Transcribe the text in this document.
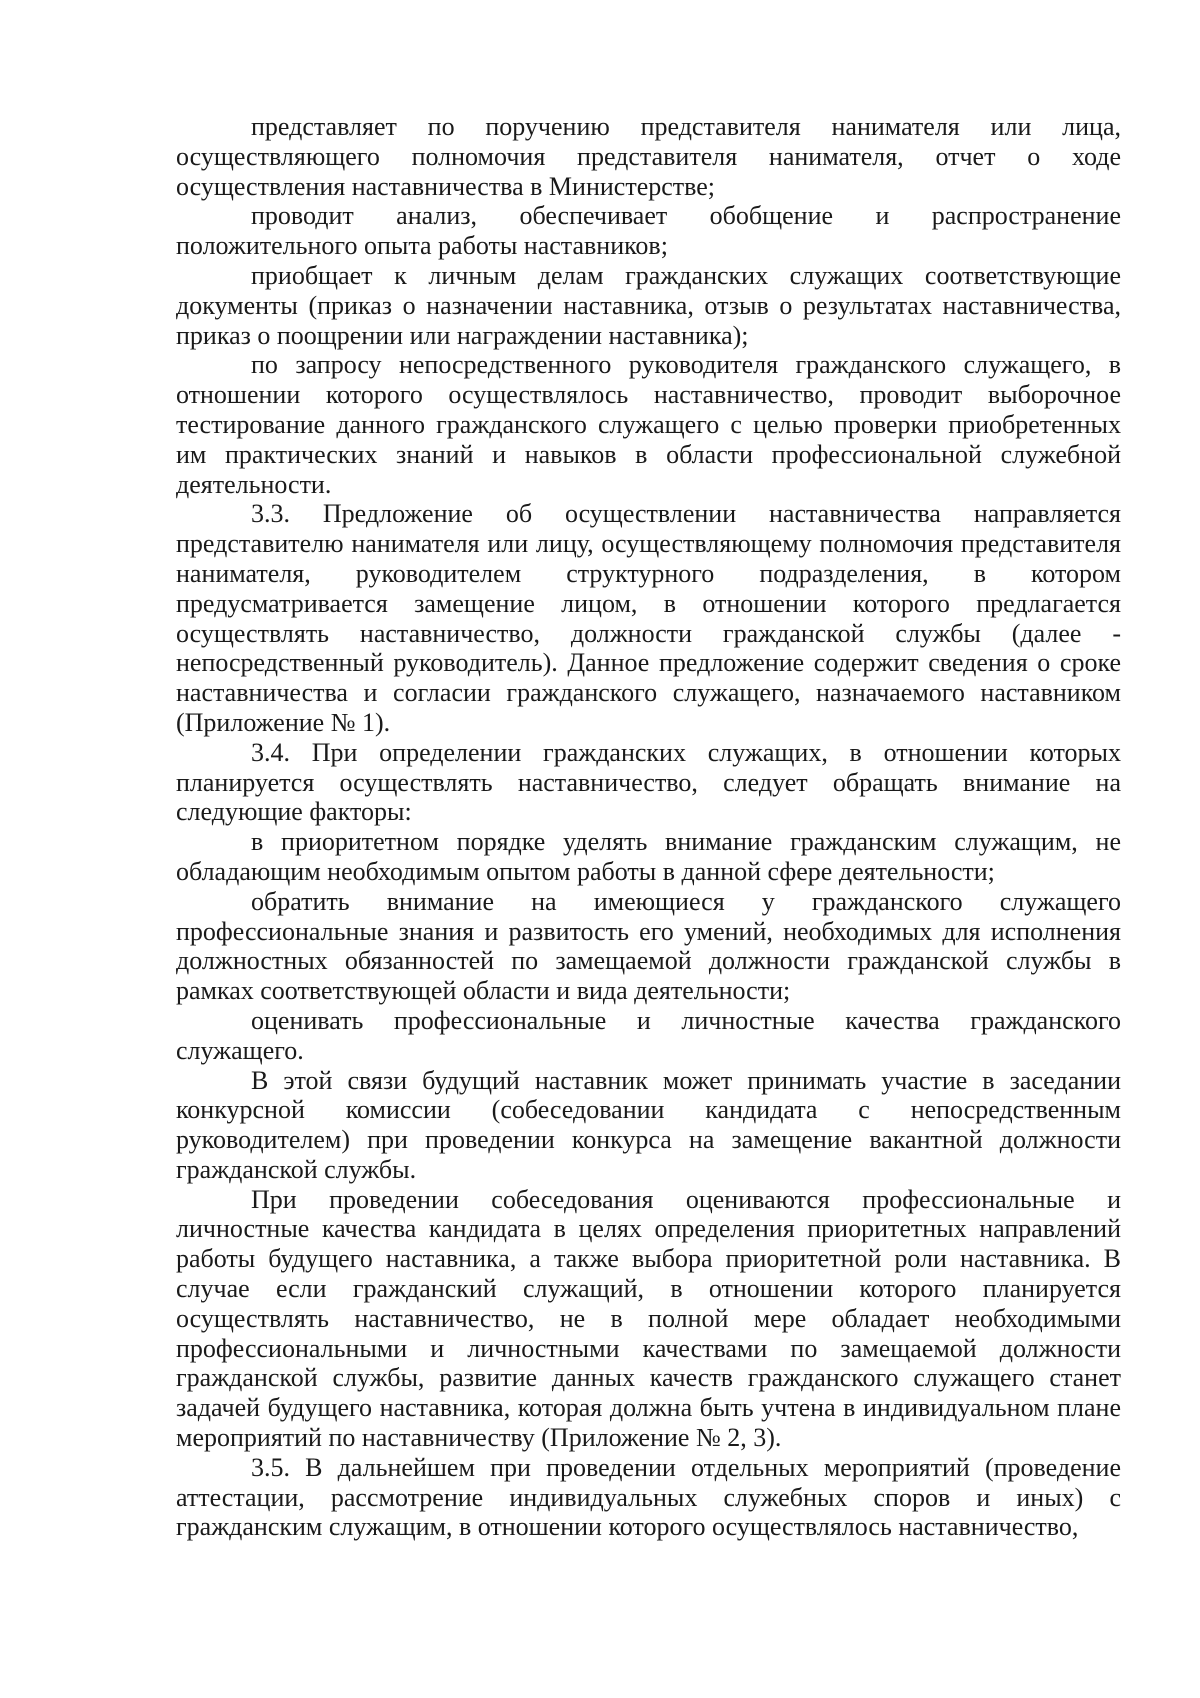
представляет по поручению представителя нанимателя или лица, осуществляющего полномочия представителя нанимателя, отчет о ходе осуществления наставничества в Министерстве;

проводит анализ, обеспечивает обобщение и распространение положительного опыта работы наставников;

приобщает к личным делам гражданских служащих соответствующие документы (приказ о назначении наставника, отзыв о результатах наставничества, приказ о поощрении или награждении наставника);

по запросу непосредственного руководителя гражданского служащего, в отношении которого осуществлялось наставничество, проводит выборочное тестирование данного гражданского служащего с целью проверки приобретенных им практических знаний и навыков в области профессиональной служебной деятельности.

3.3. Предложение об осуществлении наставничества направляется представителю нанимателя или лицу, осуществляющему полномочия представителя нанимателя, руководителем структурного подразделения, в котором предусматривается замещение лицом, в отношении которого предлагается осуществлять наставничество, должности гражданской службы (далее - непосредственный руководитель). Данное предложение содержит сведения о сроке наставничества и согласии гражданского служащего, назначаемого наставником (Приложение № 1).

3.4. При определении гражданских служащих, в отношении которых планируется осуществлять наставничество, следует обращать внимание на следующие факторы:

в приоритетном порядке уделять внимание гражданским служащим, не обладающим необходимым опытом работы в данной сфере деятельности;

обратить внимание на имеющиеся у гражданского служащего профессиональные знания и развитость его умений, необходимых для исполнения должностных обязанностей по замещаемой должности гражданской службы в рамках соответствующей области и вида деятельности;

оценивать профессиональные и личностные качества гражданского служащего.

В этой связи будущий наставник может принимать участие в заседании конкурсной комиссии (собеседовании кандидата с непосредственным руководителем) при проведении конкурса на замещение вакантной должности гражданской службы.

При проведении собеседования оцениваются профессиональные и личностные качества кандидата в целях определения приоритетных направлений работы будущего наставника, а также выбора приоритетной роли наставника. В случае если гражданский служащий, в отношении которого планируется осуществлять наставничество, не в полной мере обладает необходимыми профессиональными и личностными качествами по замещаемой должности гражданской службы, развитие данных качеств гражданского служащего станет задачей будущего наставника, которая должна быть учтена в индивидуальном плане мероприятий по наставничеству (Приложение № 2, 3).

3.5. В дальнейшем при проведении отдельных мероприятий (проведение аттестации, рассмотрение индивидуальных служебных споров и иных) с гражданским служащим, в отношении которого осуществлялось наставничество,
